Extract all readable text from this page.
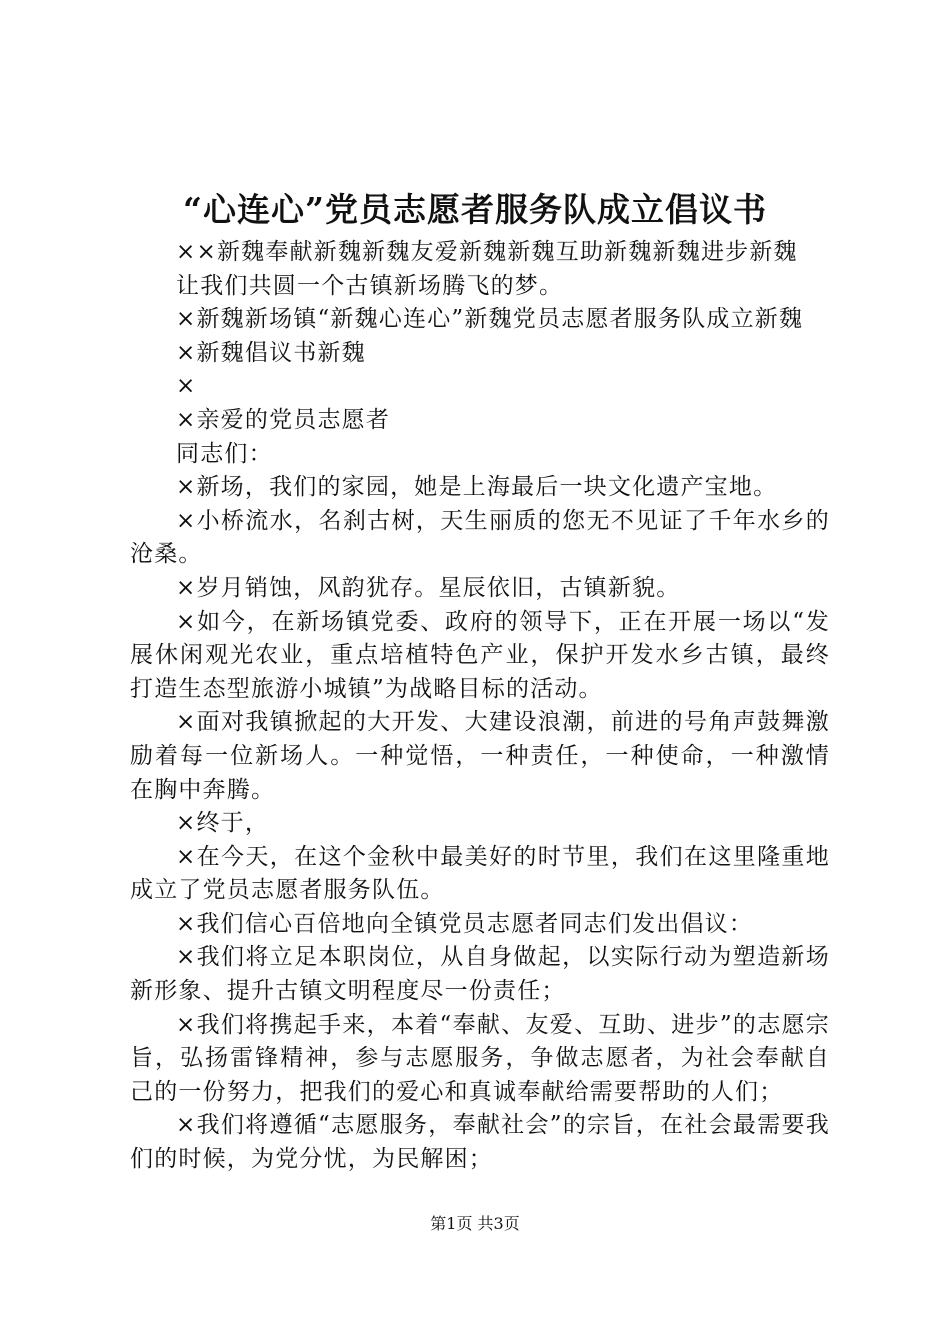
“心连心”党员志愿者服务队成立倡议书

××新魏奉献新魏新魏友爱新魏新魏互助新魏新魏进步新魏

让我们共圆一个古镇新场腾飞的梦。

×新魏新场镇“新魏心连心”新魏党员志愿者服务队成立新魏

×新魏倡议书新魏

×

×亲爱的党员志愿者

同志们：

×新场，我们的家园，她是上海最后一块文化遗产宝地。

×小桥流水，名刹古树，天生丽质的您无不见证了千年水乡的沧桑。

×岁月销蚀，风韵犹存。星辰依旧，古镇新貌。

×如今，在新场镇党委、政府的领导下，正在开展一场以“发展休闲观光农业，重点培植特色产业，保护开发水乡古镇，最终打造生态型旅游小城镇”为战略目标的活动。

×面对我镇掀起的大开发、大建设浪潮，前进的号角声鼓舞激励着每一位新场人。一种觉悟，一种责任，一种使命，一种激情在胸中奔腾。

×终于，

×在今天，在这个金秋中最美好的时节里，我们在这里隆重地成立了党员志愿者服务队伍。

×我们信心百倍地向全镇党员志愿者同志们发出倡议：

×我们将立足本职岗位，从自身做起，以实际行动为塑造新场新形象、提升古镇文明程度尽一份责任；

×我们将携起手来，本着“奉献、友爱、互助、进步”的志愿宗旨，弘扬雷锋精神，参与志愿服务，争做志愿者，为社会奉献自己的一份努力，把我们的爱心和真诚奉献给需要帮助的人们；

×我们将遵循“志愿服务，奉献社会”的宗旨，在社会最需要我们的时候，为党分忧，为民解困；

第1页 共3页
